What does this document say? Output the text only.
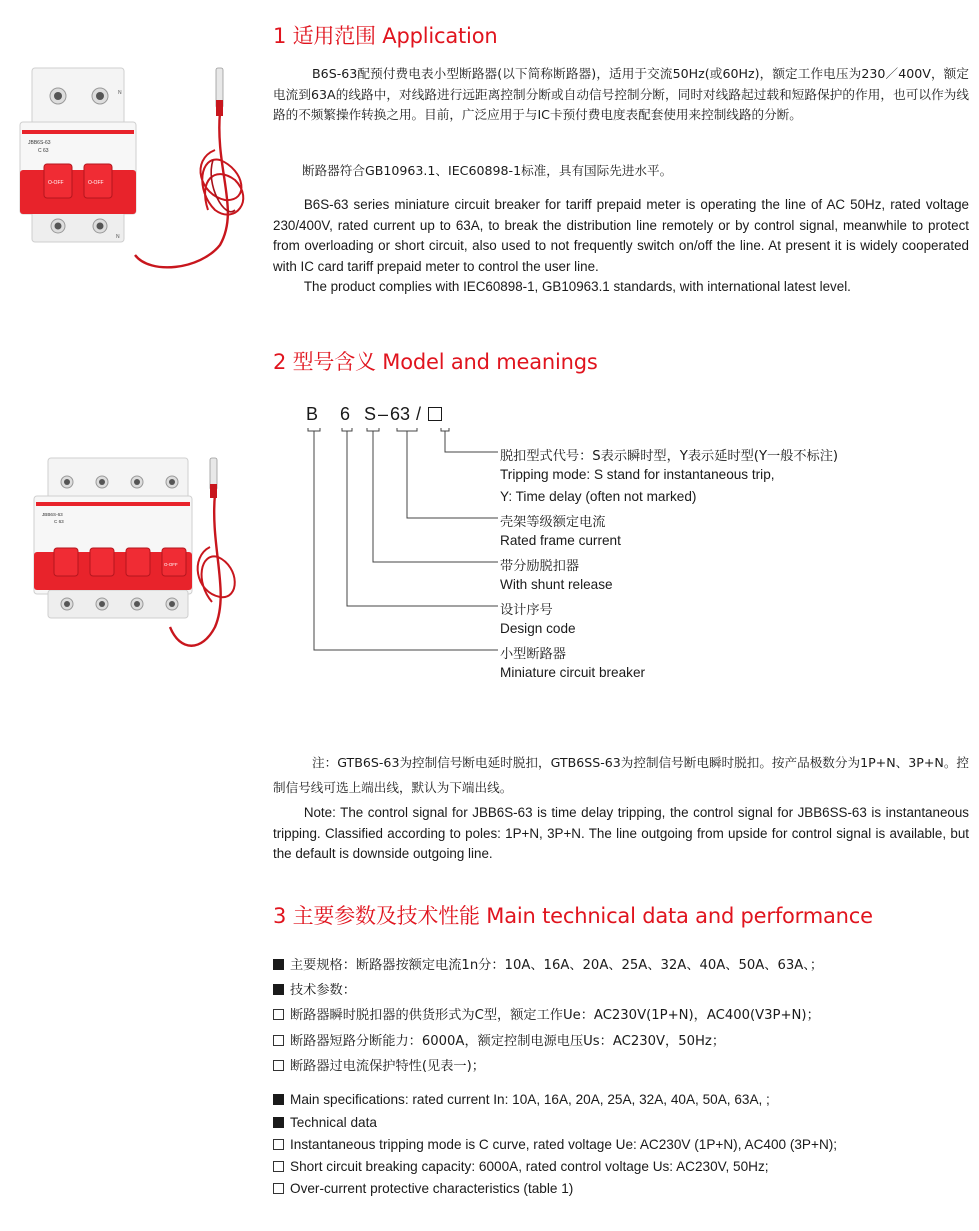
JBB6S-63
C 63
O-OFF	O-OFF
N
N
JBB6S-63
C 63
O-OFF
1 适用范围 Application

B6S-63配预付费电表小型断路器(以下简称断路器)，适用于交流50Hz(或60Hz)，额定工作电压为230／400V，额定电流到63A的线路中，对线路进行远距离控制分断或自动信号控制分断，同时对线路起过载和短路保护的作用，也可以作为线路的不频繁操作转换之用。目前，广泛应用于与IC卡预付费电度表配套使用来控制线路的分断。

断路器符合GB10963.1、IEC60898-1标准，具有国际先进水平。

B6S-63 series miniature circuit breaker for tariff prepaid meter is operating the line of AC 50Hz, rated voltage 230/400V, rated current up to 63A, to break the distribution line remotely or by control signal, meanwhile to protect from overloading or short circuit, also used to not frequently switch on/off the line. At present it is widely cooperated with IC card tariff prepaid meter to control the user line.

The product complies with IEC60898-1, GB10963.1 standards, with international latest level.

2 型号含义 Model and meanings
B 6 S – 63 /
脱扣型式代号：S表示瞬时型，Y表示延时型(Y一般不标注)
Tripping mode: S stand for instantaneous trip,
Y: Time delay (often not marked)
壳架等级额定电流
Rated frame current
带分励脱扣器
With shunt release
设计序号
Design code
小型断路器
Miniature circuit breaker

注：GTB6S-63为控制信号断电延时脱扣，GTB6SS-63为控制信号断电瞬时脱扣。按产品极数分为1P+N、3P+N。控制信号线可选上端出线，默认为下端出线。

Note: The control signal for JBB6S-63 is time delay tripping, the control signal for JBB6SS-63 is instantaneous tripping. Classified according to poles: 1P+N, 3P+N. The line outgoing from upside for control signal is available, but the default is downside outgoing line.

3 主要参数及技术性能 Main technical data and performance
主要规格：断路器按额定电流1n分：10A、16A、20A、25A、32A、40A、50A、63A、；
技术参数：
断路器瞬时脱扣器的供货形式为C型，额定工作Ue：AC230V(1P+N)，AC400(V3P+N)；
断路器短路分断能力：6000A，额定控制电源电压Us：AC230V，50Hz；
断路器过电流保护特性(见表一)；
Main specifications: rated current In: 10A, 16A, 20A, 25A, 32A, 40A, 50A, 63A, ;
Technical data
Instantaneous tripping mode is C curve, rated voltage Ue: AC230V (1P+N), AC400 (3P+N);
Short circuit breaking capacity: 6000A, rated control voltage Us: AC230V, 50Hz;
Over-current protective characteristics (table 1)
